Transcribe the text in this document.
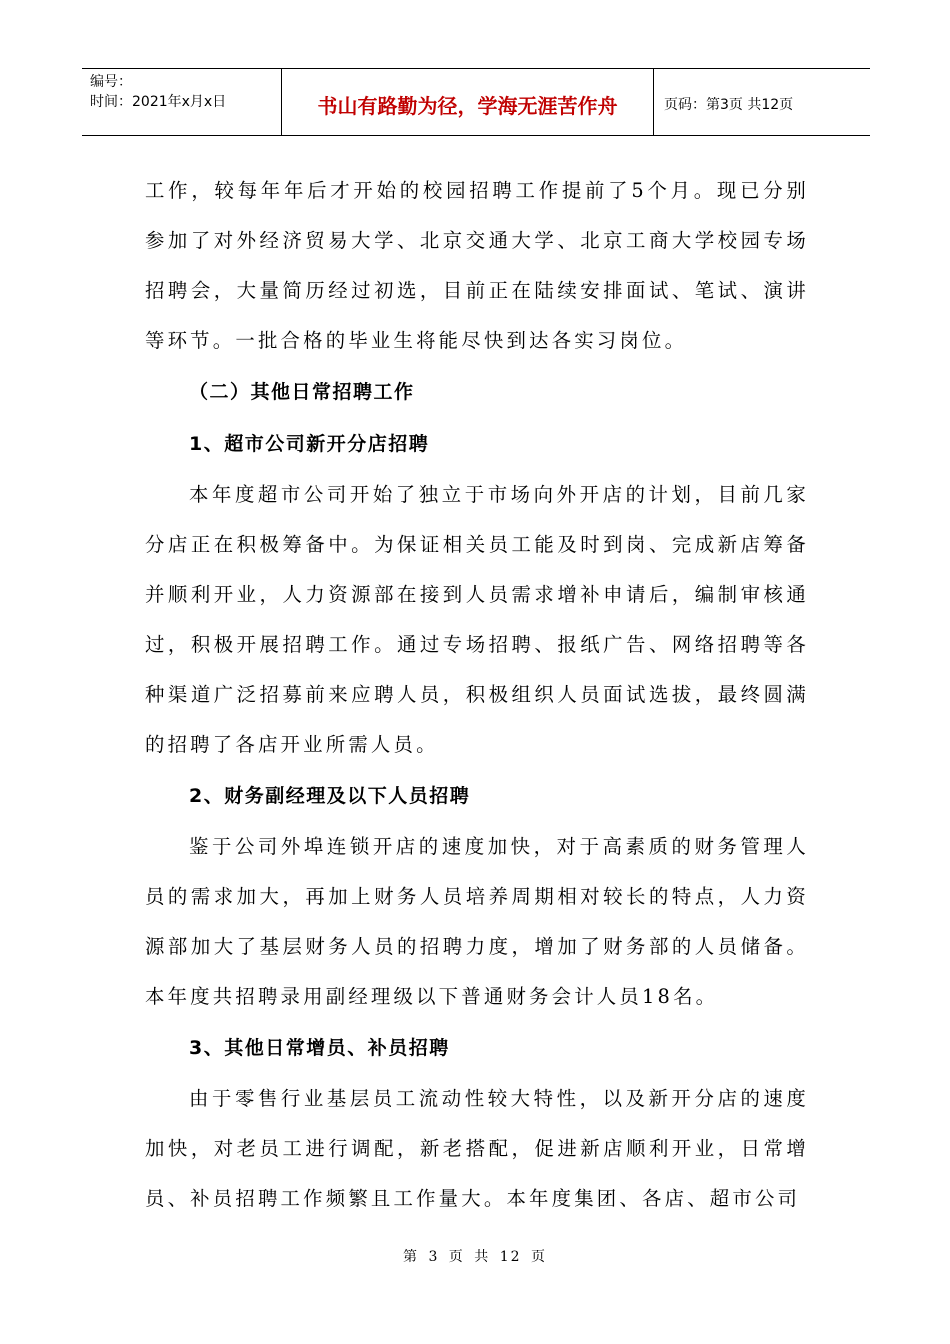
编号：
时间：2021年x月x日	书山有路勤为径，学海无涯苦作舟	页码：第3页 共12页

工作，较每年年后才开始的校园招聘工作提前了5个月。现已分别参加了对外经济贸易大学、北京交通大学、北京工商大学校园专场招聘会，大量简历经过初选，目前正在陆续安排面试、笔试、演讲等环节。一批合格的毕业生将能尽快到达各实习岗位。

（二）其他日常招聘工作

1、超市公司新开分店招聘

本年度超市公司开始了独立于市场向外开店的计划，目前几家分店正在积极筹备中。为保证相关员工能及时到岗、完成新店筹备并顺利开业，人力资源部在接到人员需求增补申请后，编制审核通过，积极开展招聘工作。通过专场招聘、报纸广告、网络招聘等各种渠道广泛招募前来应聘人员，积极组织人员面试选拔，最终圆满的招聘了各店开业所需人员。

2、财务副经理及以下人员招聘

鉴于公司外埠连锁开店的速度加快，对于高素质的财务管理人员的需求加大，再加上财务人员培养周期相对较长的特点，人力资源部加大了基层财务人员的招聘力度，增加了财务部的人员储备。本年度共招聘录用副经理级以下普通财务会计人员18名。

3、其他日常增员、补员招聘

由于零售行业基层员工流动性较大特性，以及新开分店的速度加快，对老员工进行调配，新老搭配，促进新店顺利开业，日常增员、补员招聘工作频繁且工作量大。本年度集团、各店、超市公司

第 3 页 共 12 页
